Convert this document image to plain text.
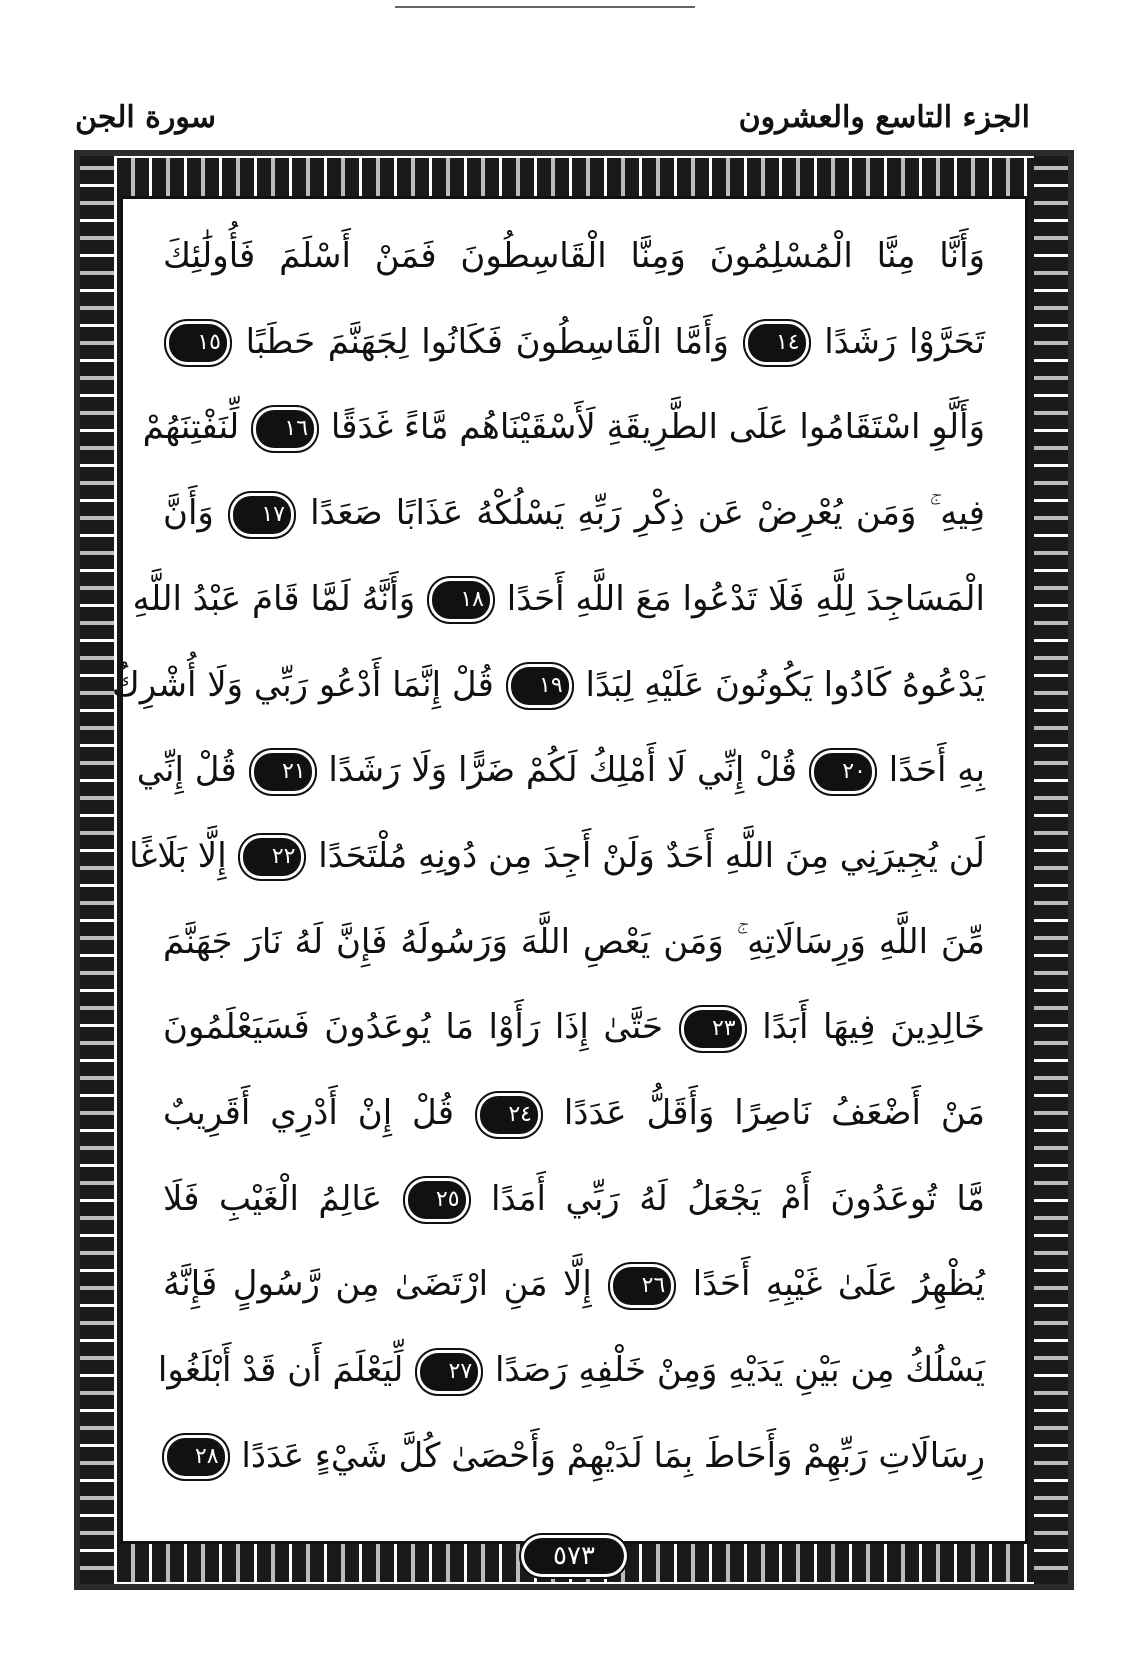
الجزء التاسع والعشرون
سورة الجن
وَأَنَّا مِنَّا الْمُسْلِمُونَ وَمِنَّا الْقَاسِطُونَ فَمَنْ أَسْلَمَ فَأُولَٰئِكَ
تَحَرَّوْا رَشَدًا ١٤ وَأَمَّا الْقَاسِطُونَ فَكَانُوا لِجَهَنَّمَ حَطَبًا ١٥
وَأَلَّوِ اسْتَقَامُوا عَلَى الطَّرِيقَةِ لَأَسْقَيْنَاهُم مَّاءً غَدَقًا ١٦ لِّنَفْتِنَهُمْ
فِيهِ ۚ وَمَن يُعْرِضْ عَن ذِكْرِ رَبِّهِ يَسْلُكْهُ عَذَابًا صَعَدًا ١٧ وَأَنَّ
الْمَسَاجِدَ لِلَّهِ فَلَا تَدْعُوا مَعَ اللَّهِ أَحَدًا ١٨ وَأَنَّهُ لَمَّا قَامَ عَبْدُ اللَّهِ
يَدْعُوهُ كَادُوا يَكُونُونَ عَلَيْهِ لِبَدًا ١٩ قُلْ إِنَّمَا أَدْعُو رَبِّي وَلَا أُشْرِكُ
بِهِ أَحَدًا ٢٠ قُلْ إِنِّي لَا أَمْلِكُ لَكُمْ ضَرًّا وَلَا رَشَدًا ٢١ قُلْ إِنِّي
لَن يُجِيرَنِي مِنَ اللَّهِ أَحَدٌ وَلَنْ أَجِدَ مِن دُونِهِ مُلْتَحَدًا ٢٢ إِلَّا بَلَاغًا
مِّنَ اللَّهِ وَرِسَالَاتِهِ ۚ وَمَن يَعْصِ اللَّهَ وَرَسُولَهُ فَإِنَّ لَهُ نَارَ جَهَنَّمَ
خَالِدِينَ فِيهَا أَبَدًا ٢٣ حَتَّىٰ إِذَا رَأَوْا مَا يُوعَدُونَ فَسَيَعْلَمُونَ
مَنْ أَضْعَفُ نَاصِرًا وَأَقَلُّ عَدَدًا ٢٤ قُلْ إِنْ أَدْرِي أَقَرِيبٌ
مَّا تُوعَدُونَ أَمْ يَجْعَلُ لَهُ رَبِّي أَمَدًا ٢٥ عَالِمُ الْغَيْبِ فَلَا
يُظْهِرُ عَلَىٰ غَيْبِهِ أَحَدًا ٢٦ إِلَّا مَنِ ارْتَضَىٰ مِن رَّسُولٍ فَإِنَّهُ
يَسْلُكُ مِن بَيْنِ يَدَيْهِ وَمِنْ خَلْفِهِ رَصَدًا ٢٧ لِّيَعْلَمَ أَن قَدْ أَبْلَغُوا
رِسَالَاتِ رَبِّهِمْ وَأَحَاطَ بِمَا لَدَيْهِمْ وَأَحْصَىٰ كُلَّ شَيْءٍ عَدَدًا ٢٨
٥٧٣
